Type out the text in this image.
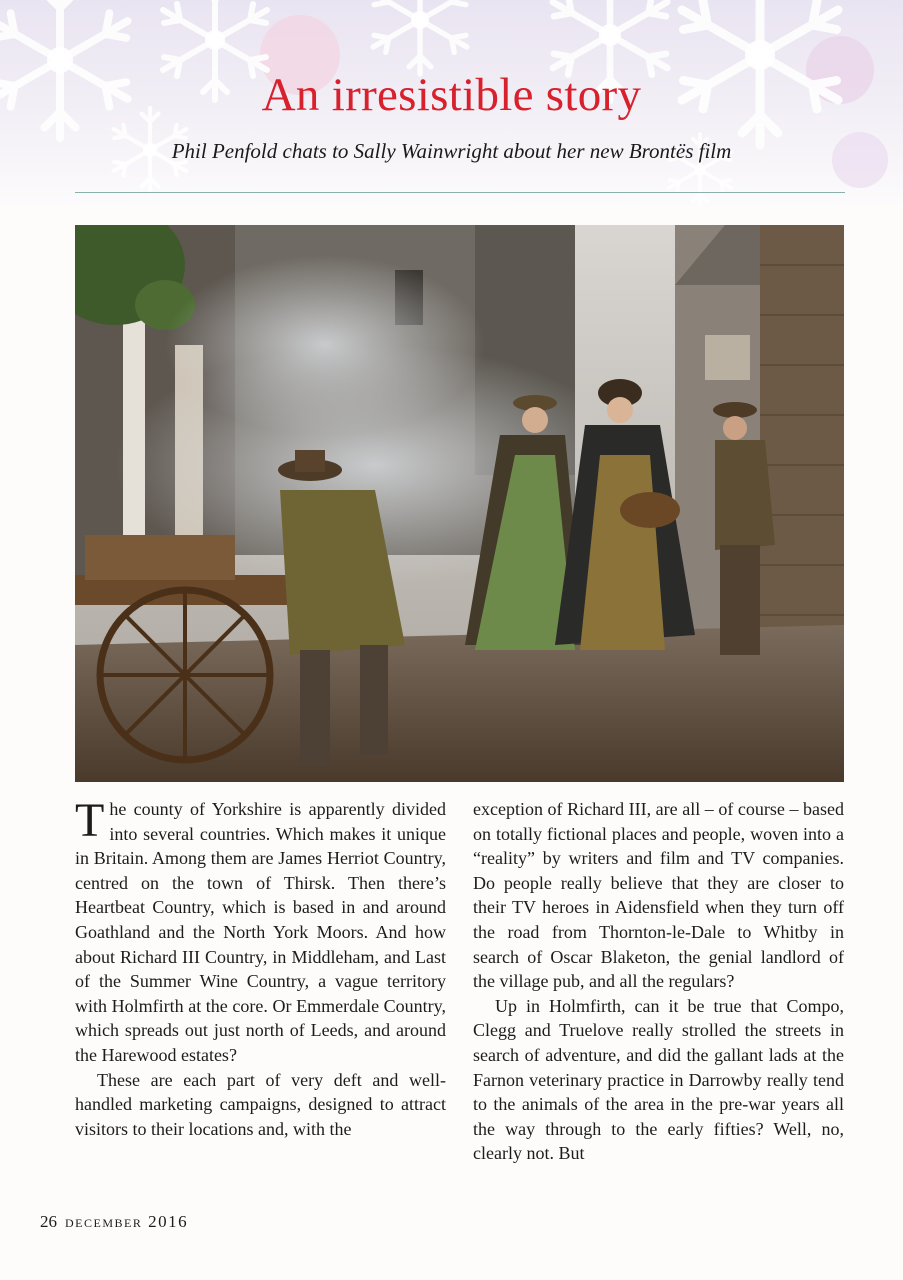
An irresistible story
Phil Penfold chats to Sally Wainwright about her new Brontës film

The county of Yorkshire is apparently divided into several countries. Which makes it unique in Britain. Among them are James Herriot Country, centred on the town of Thirsk. Then there’s Heartbeat Country, which is based in and around Goathland and the North York Moors. And how about Richard III Country, in Middleham, and Last of the Summer Wine Country, a vague territory with Holmfirth at the core. Or Emmerdale Country, which spreads out just north of Leeds, and around the Harewood estates?

These are each part of very deft and well-handled marketing campaigns, designed to attract visitors to their locations and, with the

exception of Richard III, are all – of course – based on totally fictional places and people, woven into a “reality” by writers and film and TV companies. Do people really believe that they are closer to their TV heroes in Aidensfield when they turn off the road from Thornton-le-Dale to Whitby in search of Oscar Blaketon, the genial landlord of the village pub, and all the regulars?

Up in Holmfirth, can it be true that Compo, Clegg and Truelove really strolled the streets in search of adventure, and did the gallant lads at the Farnon veterinary practice in Darrowby really tend to the animals of the area in the pre-war years all the way through to the early fifties? Well, no, clearly not. But

26 december 2016
